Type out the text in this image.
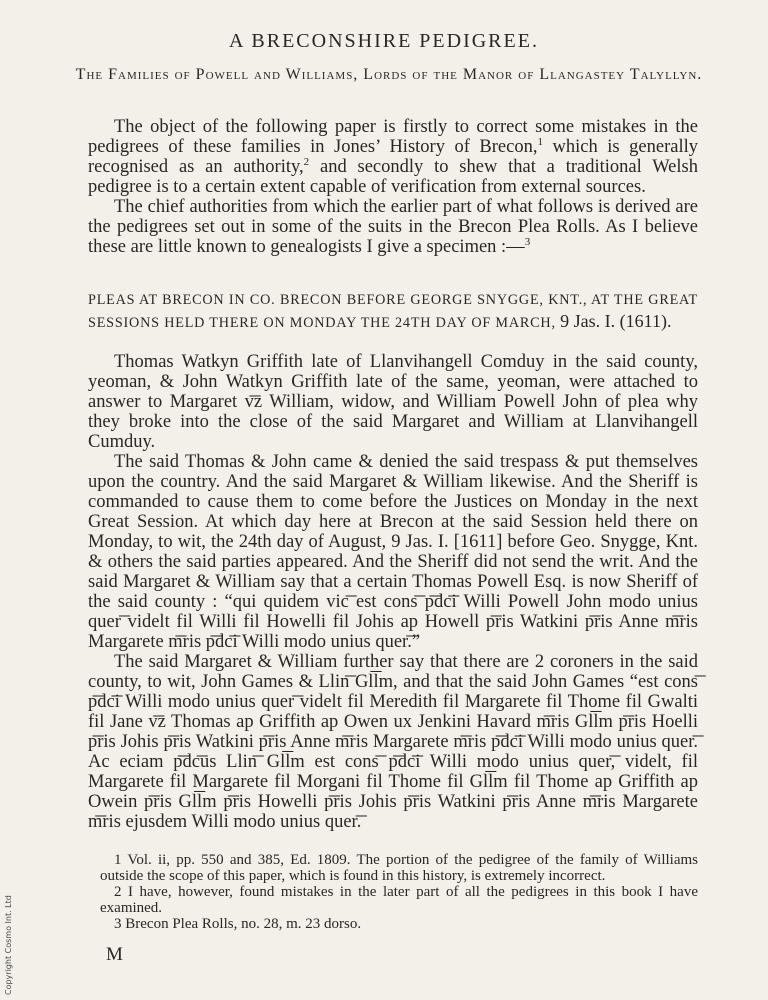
A BRECONSHIRE PEDIGREE.
The Families of Powell and Williams, Lords of the Manor of Llangastey Talyllyn.

The object of the following paper is firstly to correct some mistakes in the pedigrees of these families in Jones’ History of Brecon,$^1$ which is generally recognised as an authority,$^2$ and secondly to shew that a traditional Welsh pedigree is to a certain extent capable of verification from external sources.

The chief authorities from which the earlier part of what follows is derived are the pedigrees set out in some of the suits in the Brecon Plea Rolls. As I believe these are little known to genealogists I give a specimen :—$^3$

PLEAS AT BRECON IN CO. BRECON BEFORE GEORGE SNYGGE, KNT., AT THE GREAT SESSIONS HELD THERE ON MONDAY THE 24TH DAY OF MARCH, 9 Jas. I. (1611).

Thomas Watkyn Griffith late of Llanvihangell Comduy in the said county, yeoman, & John Watkyn Griffith late of the same, yeoman, were attached to answer to Margaret v͞z William, widow, and William Powell John of plea why they broke into the close of the said Margaret and William at Llanvihangell Cumduy.

The said Thomas & John came & denied the said trespass & put themselves upon the country. And the said Margaret & William likewise. And the Sheriff is commanded to cause them to come before the Justices on Monday in the next Great Session. At which day here at Brecon at the said Session held there on Monday, to wit, the 24th day of August, 9 Jas. I. [1611] before Geo. Snygge, Knt. & others the said parties appeared. And the Sheriff did not send the writ. And the said Margaret & William say that a certain Thomas Powell Esq. is now Sheriff of the said county : “qui quidem vic͞ est cons͞ p͞dc͞i Willi Powell John modo unius quer͞ videlt fil Willi fil Howelli fil Johis ap Howell p͞ris Watkini p͞ris Anne m͞ris Margarete m͞ris p͞dc͞i Willi modo unius quer͞.”

The said Margaret & William further say that there are 2 coroners in the said county, to wit, John Games & Llin͞ Gl͞lm, and that the said John Games “est cons͞ p͞dc͞i Willi modo unius quer͞ videlt fil Meredith fil Margarete fil Thome fil Gwalti fil Jane v͞z Thomas ap Griffith ap Owen ux Jenkini Havard m͞ris Gl͞lm p͞ris Hoelli p͞ris Johis p͞ris Watkini p͞ris Anne m͞ris Margarete m͞ris p͞dc͞i Willi modo unius quer͞. Ac eciam p͞dc͞us Llin͞ Gl͞lm est cons͞ p͞dc͞i Willi modo unius quer͞, videlt, fil Margarete fil Margarete fil Morgani fil Thome fil Gl͞lm fil Thome ap Griffith ap Owein p͞ris Gl͞lm p͞ris Howelli p͞ris Johis p͞ris Watkini p͞ris Anne m͞ris Margarete m͞ris ejusdem Willi modo unius quer͞.

1 Vol. ii, pp. 550 and 385, Ed. 1809. The portion of the pedigree of the family of Williams outside the scope of this paper, which is found in this history, is extremely incorrect.

2 I have, however, found mistakes in the later part of all the pedigrees in this book I have examined.

3 Brecon Plea Rolls, no. 28, m. 23 dorso.

M
Copyright Cosmo Int. Ltd
